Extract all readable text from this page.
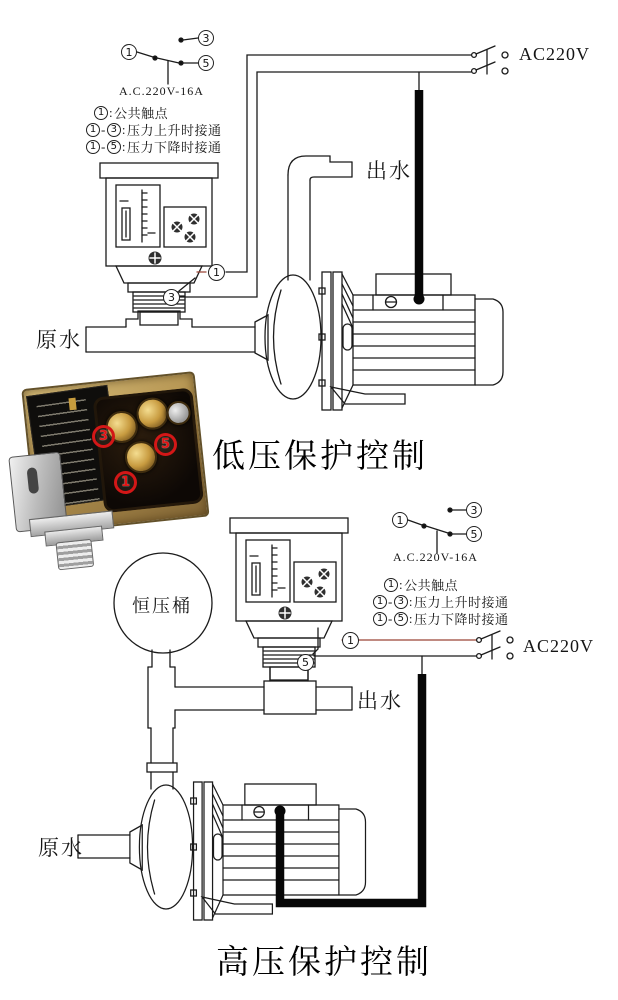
1
3
5
A.C.220V-16A
1 : 公共触点
1 - 3 : 压力上升时接通
1 - 5 : 压力下降时接通
AC220V
出水
原水
1
3
低压保护控制
3
5
1
1
3
5
A.C.220V-16A
1 : 公共触点
1 - 3 : 压力上升时接通
1 - 5 : 压力下降时接通
恒压桶
AC220V
出水
原水
1
5
高压保护控制
